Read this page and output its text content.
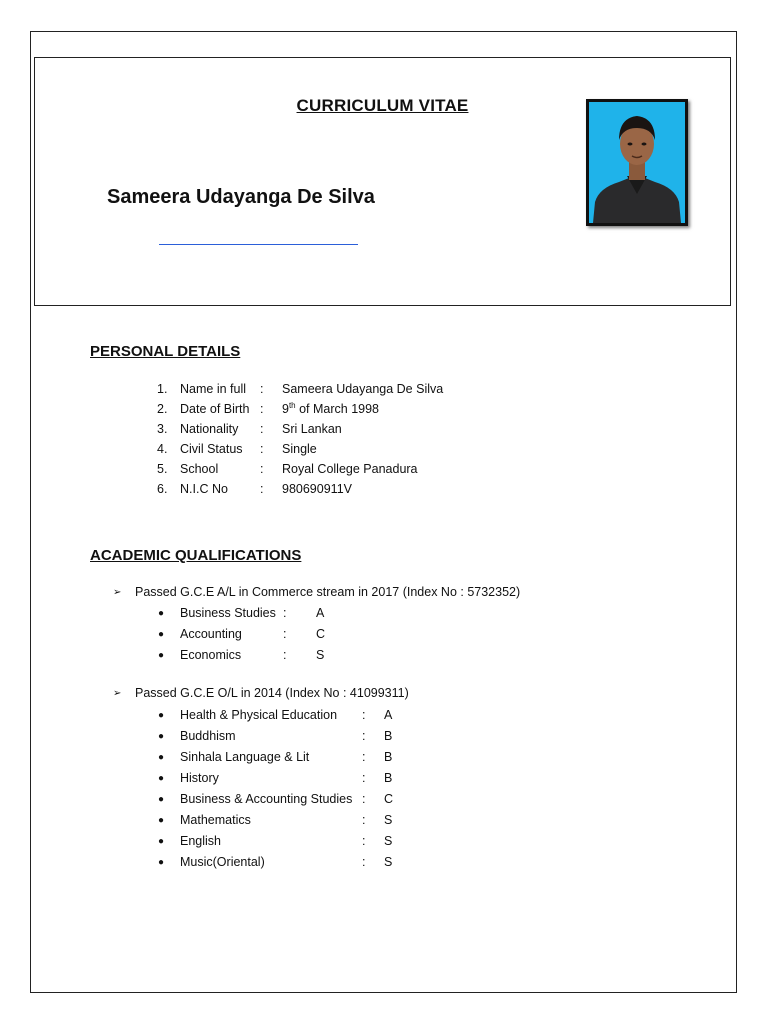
CURRICULUM VITAE
Sameera Udayanga De Silva
PERSONAL DETAILS
1. Name in full : Sameera Udayanga De Silva
2. Date of Birth : 9th of March 1998
3. Nationality : Sri Lankan
4. Civil Status : Single
5. School	: Royal College Panadura
6. N.I.C No	: 980690911V
ACADEMIC QUALIFICATIONS
➢ Passed G.C.E A/L in Commerce stream in 2017 (Index No : 5732352)
● Business Studies : A
● Accounting	: C
● Economics	: S
➢ Passed G.C.E O/L in 2014 (Index No : 41099311)
● Health & Physical Education : A
● Buddhism	: B
● Sinhala Language & Lit	: B
● History	: B
● Business & Accounting Studies : C
● Mathematics	: S
● English	: S
● Music(Oriental)	: S
